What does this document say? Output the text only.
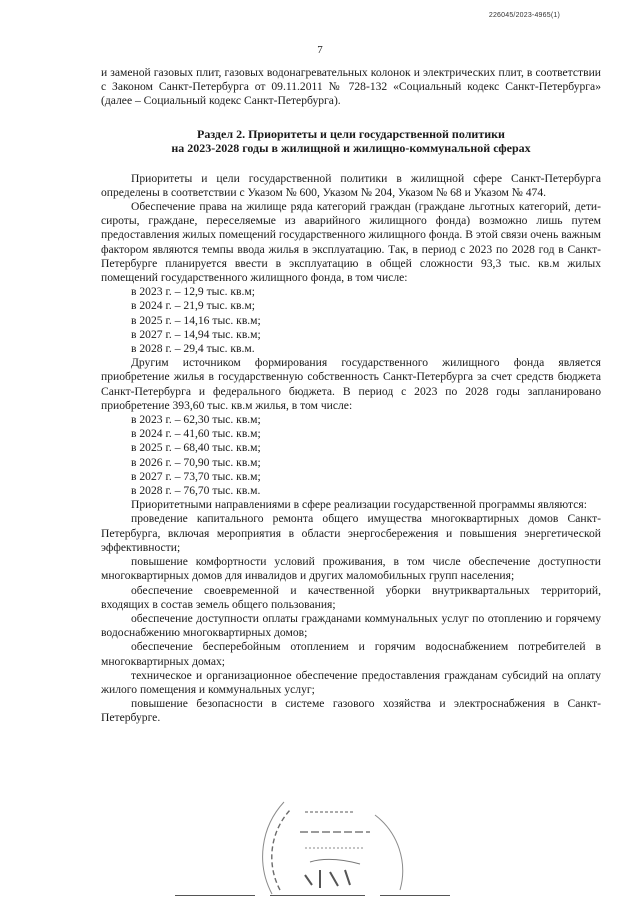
226045/2023-4965(1)
7

и заменой газовых плит, газовых водонагревательных колонок и электрических плит, в соответствии с Законом Санкт-Петербурга от 09.11.2011 № 728-132 «Социальный кодекс Санкт-Петербурга» (далее – Социальный кодекс Санкт-Петербурга).

Раздел 2. Приоритеты и цели государственной политики
на 2023-2028 годы в жилищной и жилищно-коммунальной сферах

Приоритеты и цели государственной политики в жилищной сфере Санкт-Петербурга определены в соответствии с Указом № 600, Указом № 204, Указом № 68 и Указом № 474.

Обеспечение права на жилище ряда категорий граждан (граждане льготных категорий, дети-сироты, граждане, переселяемые из аварийного жилищного фонда) возможно лишь путем предоставления жилых помещений государственного жилищного фонда. В этой связи очень важным фактором являются темпы ввода жилья в эксплуатацию. Так, в период с 2023 по 2028 год в Санкт-Петербурге планируется ввести в эксплуатацию в общей сложности 93,3 тыс. кв.м жилых помещений государственного жилищного фонда, в том числе:

в 2023 г. – 12,9 тыс. кв.м;

в 2024 г. – 21,9 тыс. кв.м;

в 2025 г. – 14,16 тыс. кв.м;

в 2027 г. – 14,94 тыс. кв.м;

в 2028 г. – 29,4 тыс. кв.м.

Другим источником формирования государственного жилищного фонда является приобретение жилья в государственную собственность Санкт-Петербурга за счет средств бюджета Санкт-Петербурга и федерального бюджета. В период с 2023 по 2028 годы запланировано приобретение 393,60 тыс. кв.м жилья, в том числе:

в 2023 г. – 62,30 тыс. кв.м;

в 2024 г. – 41,60 тыс. кв.м;

в 2025 г. – 68,40 тыс. кв.м;

в 2026 г. – 70,90 тыс. кв.м;

в 2027 г. – 73,70 тыс. кв.м;

в 2028 г. – 76,70 тыс. кв.м.

Приоритетными направлениями в сфере реализации государственной программы являются:

проведение капитального ремонта общего имущества многоквартирных домов Санкт-Петербурга, включая мероприятия в области энергосбережения и повышения энергетической эффективности;

повышение комфортности условий проживания, в том числе обеспечение доступности многоквартирных домов для инвалидов и других маломобильных групп населения;

обеспечение своевременной и качественной уборки внутриквартальных территорий, входящих в состав земель общего пользования;

обеспечение доступности оплаты гражданами коммунальных услуг по отоплению и горячему водоснабжению многоквартирных домов;

обеспечение бесперебойным отоплением и горячим водоснабжением потребителей в многоквартирных домах;

техническое и организационное обеспечение предоставления гражданам субсидий на оплату жилого помещения и коммунальных услуг;

повышение безопасности в системе газового хозяйства и электроснабжения в Санкт-Петербурге.
